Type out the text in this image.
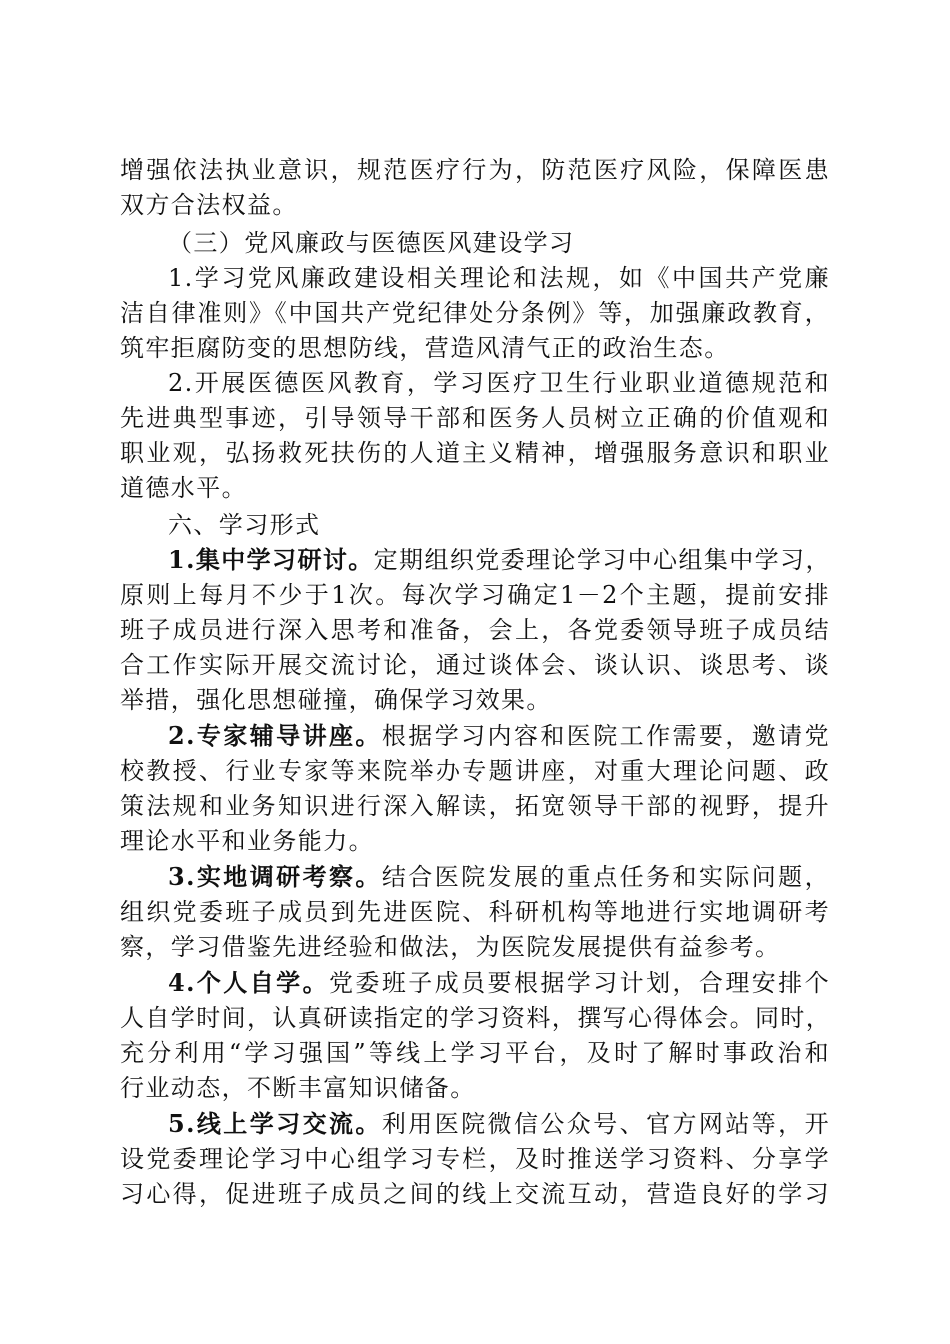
增强依法执业意识，规范医疗行为，防范医疗风险，保障医患
双方合法权益。
（三）党风廉政与医德医风建设学习
1.学习党风廉政建设相关理论和法规，如《中国共产党廉
洁自律准则》《中国共产党纪律处分条例》等，加强廉政教育，
筑牢拒腐防变的思想防线，营造风清气正的政治生态。
2.开展医德医风教育，学习医疗卫生行业职业道德规范和
先进典型事迹，引导领导干部和医务人员树立正确的价值观和
职业观，弘扬救死扶伤的人道主义精神，增强服务意识和职业
道德水平。
六、学习形式
1.集中学习研讨。定期组织党委理论学习中心组集中学习，
原则上每月不少于1次。每次学习确定1－2个主题，提前安排
班子成员进行深入思考和准备，会上，各党委领导班子成员结
合工作实际开展交流讨论，通过谈体会、谈认识、谈思考、谈
举措，强化思想碰撞，确保学习效果。
2.专家辅导讲座。根据学习内容和医院工作需要，邀请党
校教授、行业专家等来院举办专题讲座，对重大理论问题、政
策法规和业务知识进行深入解读，拓宽领导干部的视野，提升
理论水平和业务能力。
3.实地调研考察。结合医院发展的重点任务和实际问题，
组织党委班子成员到先进医院、科研机构等地进行实地调研考
察，学习借鉴先进经验和做法，为医院发展提供有益参考。
4.个人自学。党委班子成员要根据学习计划，合理安排个
人自学时间，认真研读指定的学习资料，撰写心得体会。同时，
充分利用“学习强国”等线上学习平台，及时了解时事政治和
行业动态，不断丰富知识储备。
5.线上学习交流。利用医院微信公众号、官方网站等，开
设党委理论学习中心组学习专栏，及时推送学习资料、分享学
习心得，促进班子成员之间的线上交流互动，营造良好的学习
